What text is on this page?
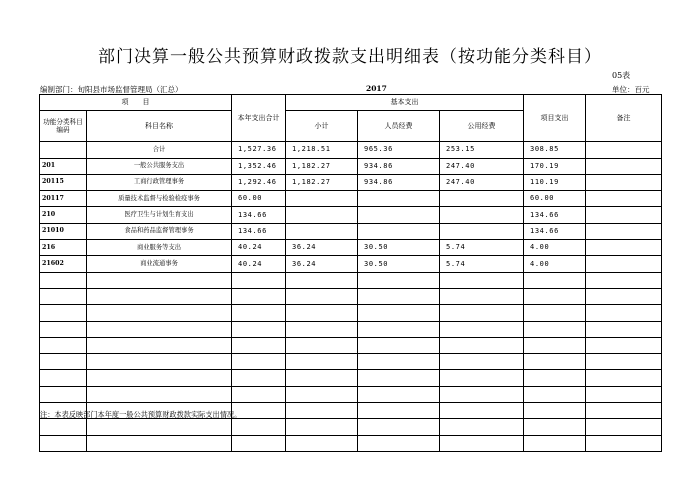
部门决算一般公共预算财政拨款支出明细表（按功能分类科目）
05表
编制部门：旬阳县市场监督管理局（汇总）	2017	单位：百元
项　　目		本年支出合计	基本支出			项目支出	备注
功能分类科目编码	科目名称		小计	人员经费	公用经费		
	合计	1,527.36	1,218.51	965.36	253.15	308.85	
201	一般公共服务支出	1,352.46	1,182.27	934.86	247.40	170.19	
20115	工商行政管理事务	1,292.46	1,182.27	934.86	247.40	110.19	
20117	质量技术监督与检验检疫事务	60.00				60.00	
210	医疗卫生与计划生育支出	134.66				134.66	
21010	食品和药品监督管理事务	134.66				134.66	
216	商业服务等支出	40.24	36.24	30.50	5.74	4.00	
21602	商业流通事务	40.24	36.24	30.50	5.74	4.00	

注：本表反映部门本年度一般公共预算财政拨款实际支出情况。
